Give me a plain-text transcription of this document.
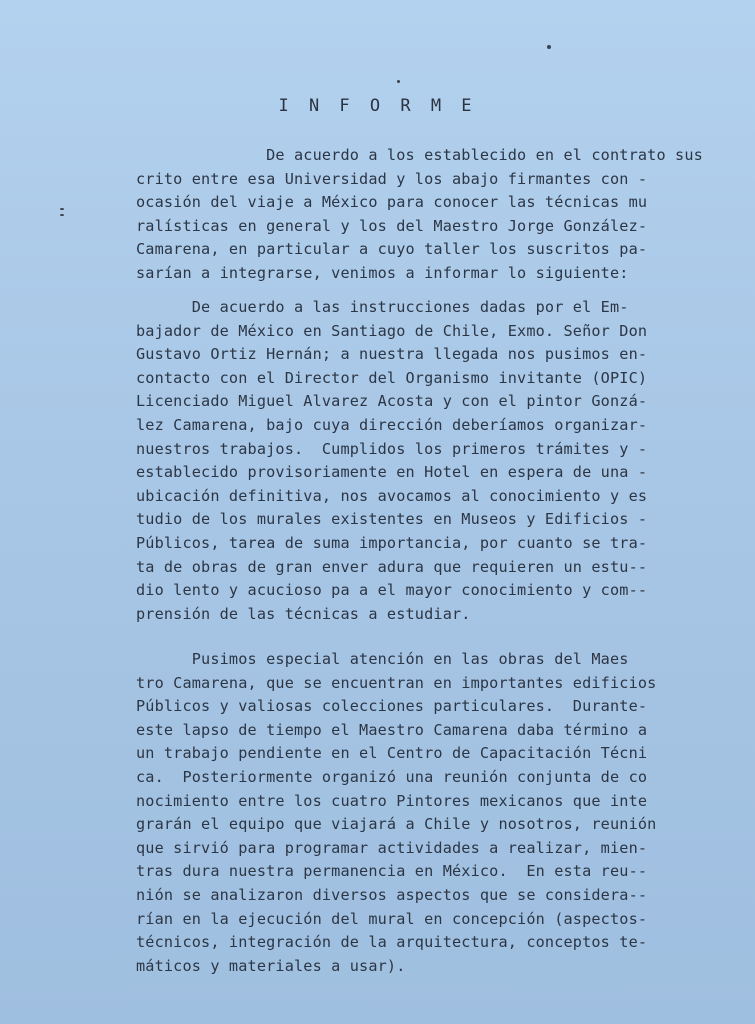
I N F O R M E
De acuerdo a los establecido en el contrato sus
crito entre esa Universidad y los abajo firmantes con -
ocasión del viaje a México para conocer las técnicas mu
ralísticas en general y los del Maestro Jorge González-
Camarena, en particular a cuyo taller los suscritos pa-
sarían a integrarse, venimos a informar lo siguiente:
De acuerdo a las instrucciones dadas por el Em-
bajador de México en Santiago de Chile, Exmo. Señor Don
Gustavo Ortiz Hernán; a nuestra llegada nos pusimos en-
contacto con el Director del Organismo invitante (OPIC)
Licenciado Miguel Alvarez Acosta y con el pintor Gonzá-
lez Camarena, bajo cuya dirección deberíamos organizar-
nuestros trabajos.  Cumplidos los primeros trámites y -
establecido provisoriamente en Hotel en espera de una -
ubicación definitiva, nos avocamos al conocimiento y es
tudio de los murales existentes en Museos y Edificios -
Públicos, tarea de suma importancia, por cuanto se tra-
ta de obras de gran enver adura que requieren un estu--
dio lento y acucioso pa a el mayor conocimiento y com--
prensión de las técnicas a estudiar.
Pusimos especial atención en las obras del Maes
tro Camarena, que se encuentran en importantes edificios
Públicos y valiosas colecciones particulares.  Durante-
este lapso de tiempo el Maestro Camarena daba término a
un trabajo pendiente en el Centro de Capacitación Técni
ca.  Posteriormente organizó una reunión conjunta de co
nocimiento entre los cuatro Pintores mexicanos que inte
grarán el equipo que viajará a Chile y nosotros, reunión
que sirvió para programar actividades a realizar, mien-
tras dura nuestra permanencia en México.  En esta reu--
nión se analizaron diversos aspectos que se considera--
rían en la ejecución del mural en concepción (aspectos-
técnicos, integración de la arquitectura, conceptos te-
máticos y materiales a usar).
